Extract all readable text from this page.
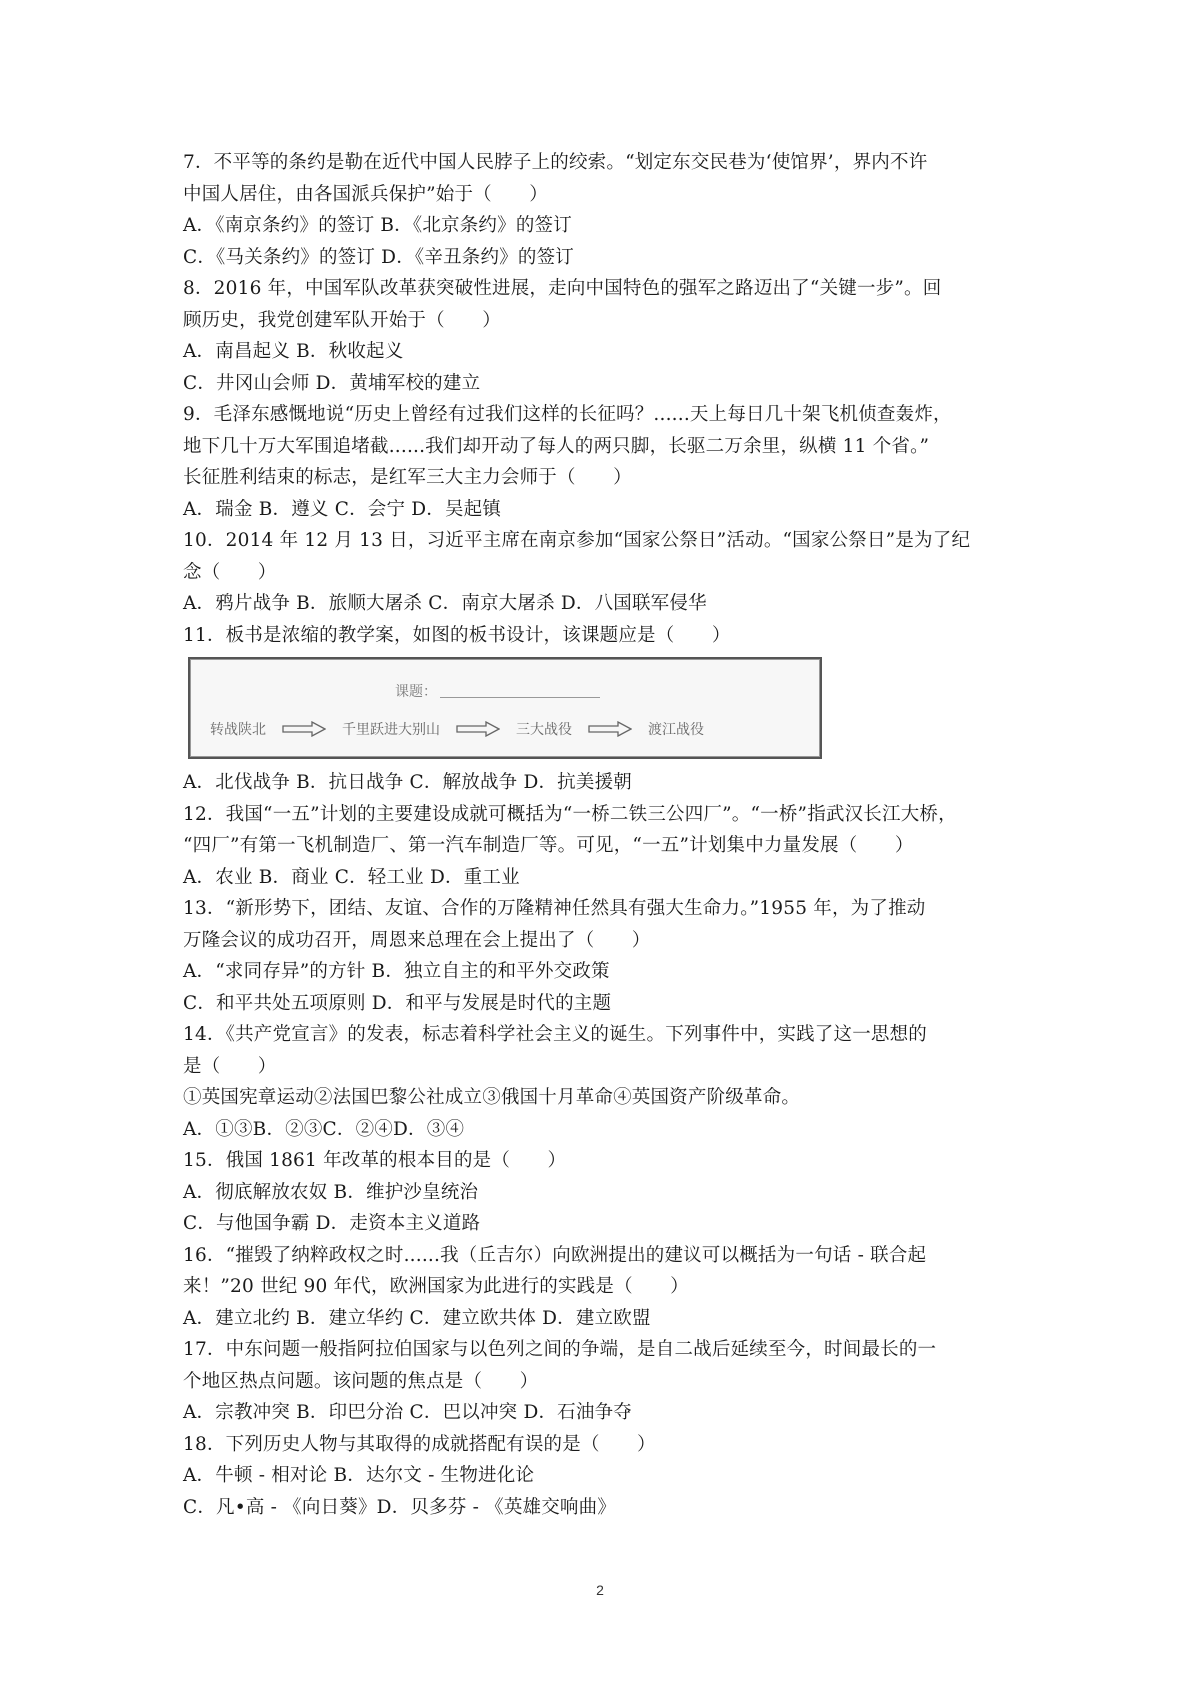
7．不平等的条约是勒在近代中国人民脖子上的绞索。“划定东交民巷为‘使馆界’，界内不许
中国人居住，由各国派兵保护”始于（　　）
A．《南京条约》的签订 B．《北京条约》的签订
C．《马关条约》的签订 D．《辛丑条约》的签订
8．2016 年，中国军队改革获突破性进展，走向中国特色的强军之路迈出了“关键一步”。回
顾历史，我党创建军队开始于（　　）
A．南昌起义 B．秋收起义
C．井冈山会师 D．黄埔军校的建立
9．毛泽东感慨地说“历史上曾经有过我们这样的长征吗？......天上每日几十架飞机侦查轰炸，
地下几十万大军围追堵截......我们却开动了每人的两只脚，长驱二万余里，纵横 11 个省。”
长征胜利结束的标志，是红军三大主力会师于（　　）
A．瑞金 B．遵义 C．会宁 D．吴起镇
10．2014 年 12 月 13 日，习近平主席在南京参加“国家公祭日”活动。“国家公祭日”是为了纪
念（　　）
A．鸦片战争 B．旅顺大屠杀 C．南京大屠杀 D．八国联军侵华
11．板书是浓缩的教学案，如图的板书设计，该课题应是（　　）
课题：
转战陕北	千里跃进大别山	三大战役	渡江战役
A．北伐战争 B．抗日战争 C．解放战争 D．抗美援朝
12．我国“一五”计划的主要建设成就可概括为“一桥二铁三公四厂”。“一桥”指武汉长江大桥，
“四厂”有第一飞机制造厂、第一汽车制造厂等。可见，“一五”计划集中力量发展（　　）
A．农业 B．商业 C．轻工业 D．重工业
13．“新形势下，团结、友谊、合作的万隆精神任然具有强大生命力。”1955 年，为了推动
万隆会议的成功召开，周恩来总理在会上提出了（　　）
A．“求同存异”的方针 B．独立自主的和平外交政策
C．和平共处五项原则 D．和平与发展是时代的主题
14．《共产党宣言》的发表，标志着科学社会主义的诞生。下列事件中，实践了这一思想的
是（　　）
①英国宪章运动②法国巴黎公社成立③俄国十月革命④英国资产阶级革命。
A．①③B．②③C．②④D．③④
15．俄国 1861 年改革的根本目的是（　　）
A．彻底解放农奴 B．维护沙皇统治
C．与他国争霸 D．走资本主义道路
16．“摧毁了纳粹政权之时......我（丘吉尔）向欧洲提出的建议可以概括为一句话 - 联合起
来！”20 世纪 90 年代，欧洲国家为此进行的实践是（　　）
A．建立北约 B．建立华约 C．建立欧共体 D．建立欧盟
17．中东问题一般指阿拉伯国家与以色列之间的争端，是自二战后延续至今，时间最长的一
个地区热点问题。该问题的焦点是（　　）
A．宗教冲突 B．印巴分治 C．巴以冲突 D．石油争夺
18．下列历史人物与其取得的成就搭配有误的是（　　）
A．牛顿 - 相对论 B．达尔文 - 生物进化论
C．凡•高 - 《向日葵》D．贝多芬 - 《英雄交响曲》
2
